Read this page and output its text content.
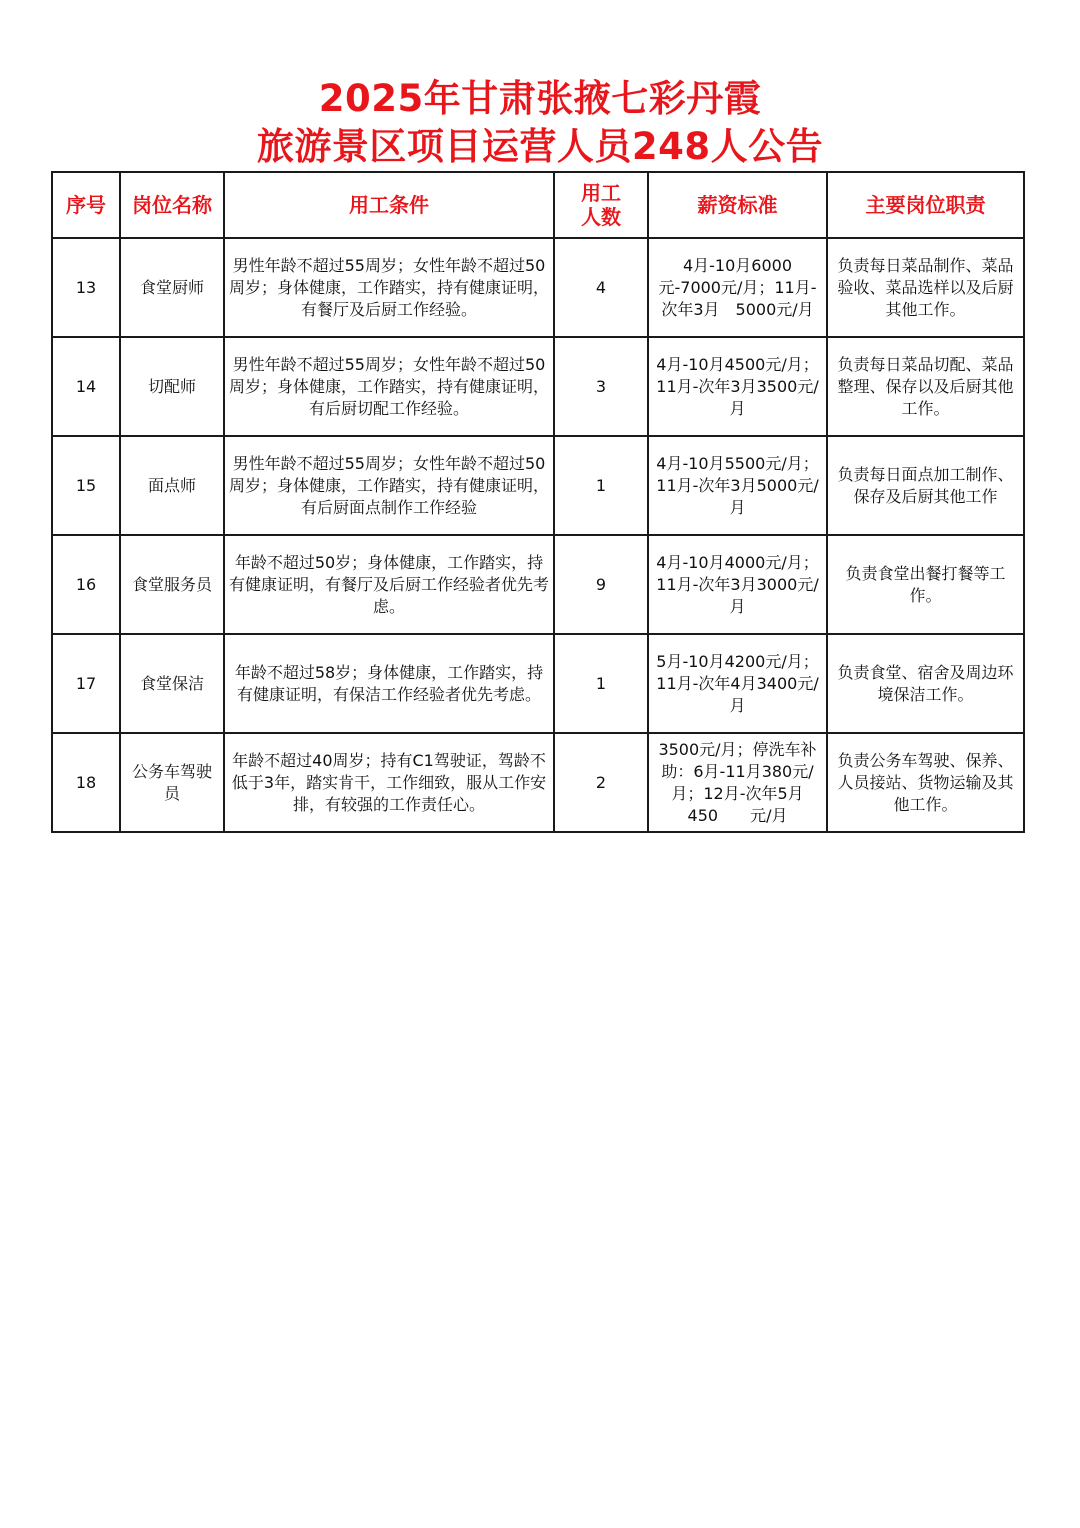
2025年甘肃张掖七彩丹霞
旅游景区项目运营人员248人公告
序号	岗位名称	用工条件	用工人数	薪资标准	主要岗位职责
13	食堂厨师	男性年龄不超过55周岁；女性年龄不超过50周岁；身体健康，工作踏实，持有健康证明，有餐厅及后厨工作经验。	4	4月-10月6000元-7000元/月；11月-次年3月　5000元/月	负责每日菜品制作、菜品验收、菜品选样以及后厨其他工作。
14	切配师	男性年龄不超过55周岁；女性年龄不超过50周岁；身体健康，工作踏实，持有健康证明，有后厨切配工作经验。	3	4月-10月4500元/月；11月-次年3月3500元/月	负责每日菜品切配、菜品整理、保存以及后厨其他工作。
15	面点师	男性年龄不超过55周岁；女性年龄不超过50周岁；身体健康，工作踏实，持有健康证明，有后厨面点制作工作经验	1	4月-10月5500元/月；11月-次年3月5000元/月	负责每日面点加工制作、保存及后厨其他工作
16	食堂服务员	年龄不超过50岁；身体健康，工作踏实，持有健康证明，有餐厅及后厨工作经验者优先考虑。	9	4月-10月4000元/月；11月-次年3月3000元/月	负责食堂出餐打餐等工作。
17	食堂保洁	年龄不超过58岁；身体健康，工作踏实，持有健康证明，有保洁工作经验者优先考虑。	1	5月-10月4200元/月；11月-次年4月3400元/月	负责食堂、宿舍及周边环境保洁工作。
18	公务车驾驶员	年龄不超过40周岁；持有C1驾驶证，驾龄不低于3年，踏实肯干，工作细致，服从工作安排，有较强的工作责任心。	2	3500元/月；停洗车补助：6月-11月380元/月；12月-次年5月　450　　元/月	负责公务车驾驶、保养、人员接站、货物运输及其他工作。
